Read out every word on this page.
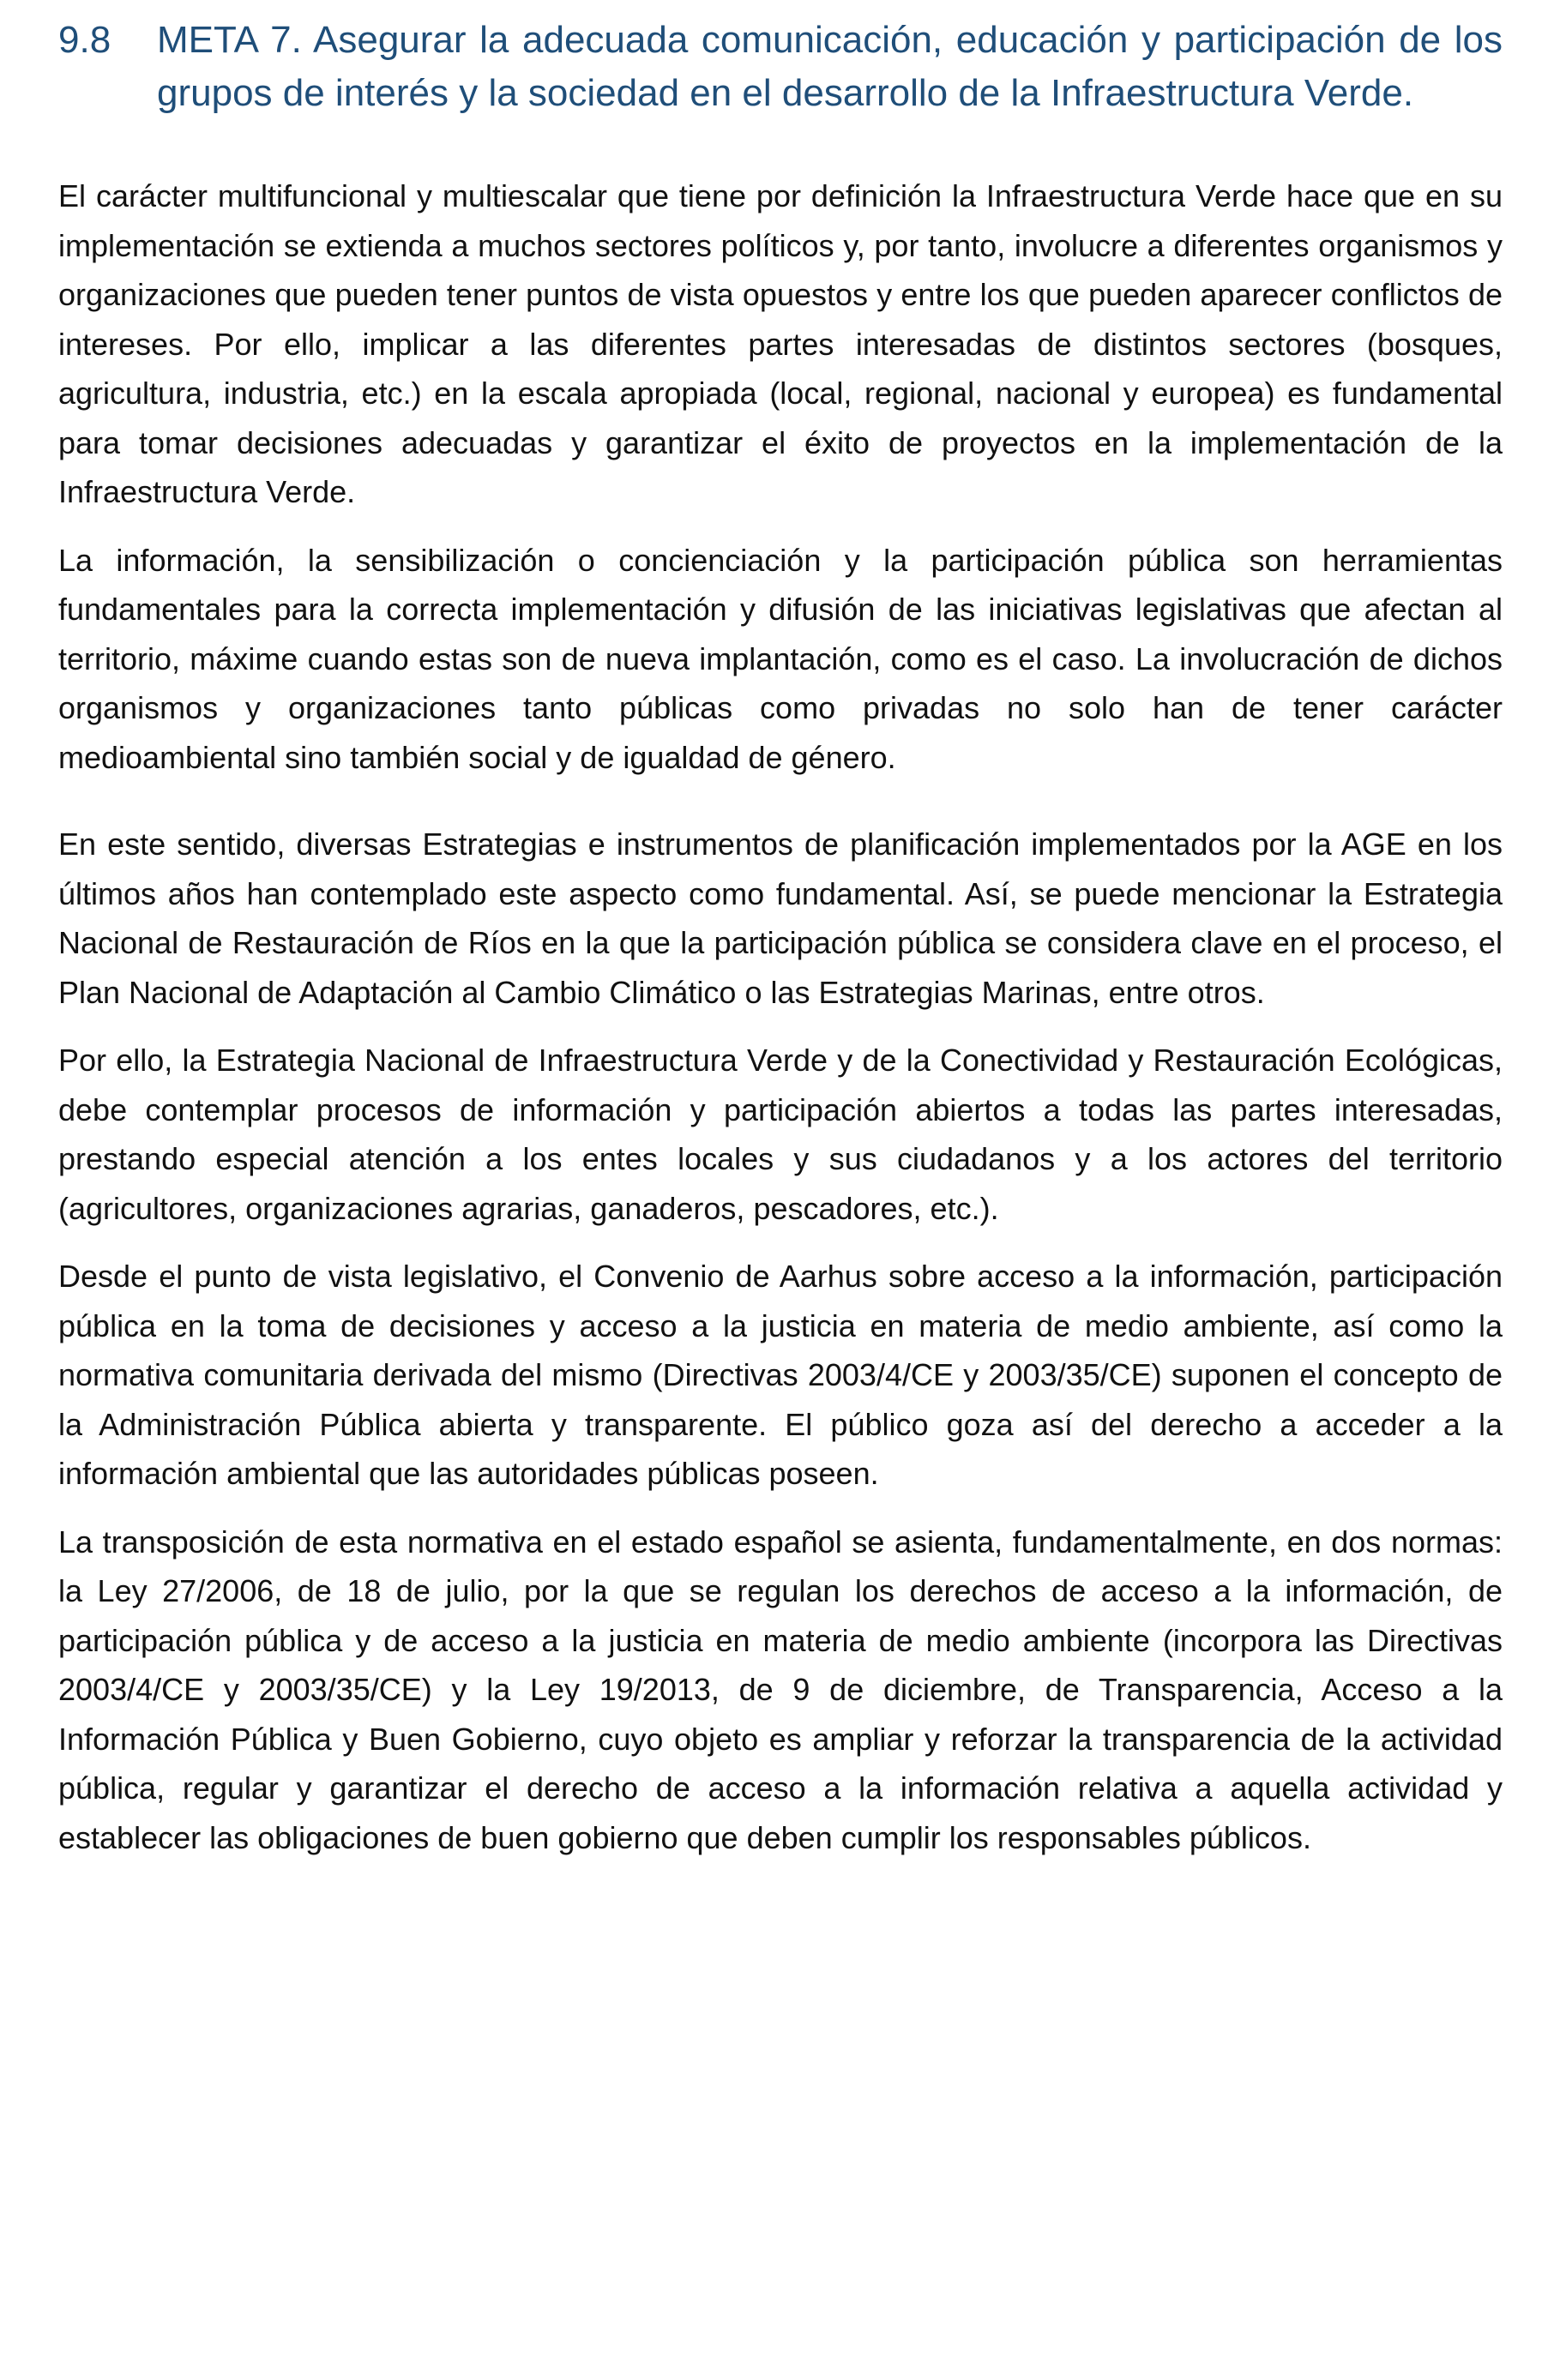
9.8	META 7. Asegurar la adecuada comunicación, educación y participación de los grupos de interés y la sociedad en el desarrollo de la Infraestructura Verde.

El carácter multifuncional y multiescalar que tiene por definición la Infraestructura Verde hace que en su implementación se extienda a muchos sectores políticos y, por tanto, involucre a diferentes organismos y organizaciones que pueden tener puntos de vista opuestos y entre los que pueden aparecer conflictos de intereses. Por ello, implicar a las diferentes partes interesadas de distintos sectores (bosques, agricultura, industria, etc.) en la escala apropiada (local, regional, nacional y europea) es fundamental para tomar decisiones adecuadas y garantizar el éxito de proyectos en la implementación de la Infraestructura Verde.

La información, la sensibilización o concienciación y la participación pública son herramientas fundamentales para la correcta implementación y difusión de las iniciativas legislativas que afectan al territorio, máxime cuando estas son de nueva implantación, como es el caso. La involucración de dichos organismos y organizaciones tanto públicas como privadas no solo han de tener carácter medioambiental sino también social y de igualdad de género.

En este sentido, diversas Estrategias e instrumentos de planificación implementados por la AGE en los últimos años han contemplado este aspecto como fundamental. Así, se puede mencionar la Estrategia Nacional de Restauración de Ríos en la que la participación pública se considera clave en el proceso, el Plan Nacional de Adaptación al Cambio Climático o las Estrategias Marinas, entre otros.

Por ello, la Estrategia Nacional de Infraestructura Verde y de la Conectividad y Restauración Ecológicas, debe contemplar procesos de información y participación abiertos a todas las partes interesadas, prestando especial atención a los entes locales y sus ciudadanos y a los actores del territorio (agricultores, organizaciones agrarias, ganaderos, pescadores, etc.).

Desde el punto de vista legislativo, el Convenio de Aarhus sobre acceso a la información, participación pública en la toma de decisiones y acceso a la justicia en materia de medio ambiente, así como la normativa comunitaria derivada del mismo (Directivas 2003/4/CE y 2003/35/CE) suponen el concepto de la Administración Pública abierta y transparente. El público goza así del derecho a acceder a la información ambiental que las autoridades públicas poseen.

La transposición de esta normativa en el estado español se asienta, fundamentalmente, en dos normas: la Ley 27/2006, de 18 de julio, por la que se regulan los derechos de acceso a la información, de participación pública y de acceso a la justicia en materia de medio ambiente (incorpora las Directivas 2003/4/CE y 2003/35/CE) y la Ley 19/2013, de 9 de diciembre, de Transparencia, Acceso a la Información Pública y Buen Gobierno, cuyo objeto es ampliar y reforzar la transparencia de la actividad pública, regular y garantizar el derecho de acceso a la información relativa a aquella actividad y establecer las obligaciones de buen gobierno que deben cumplir los responsables públicos.
